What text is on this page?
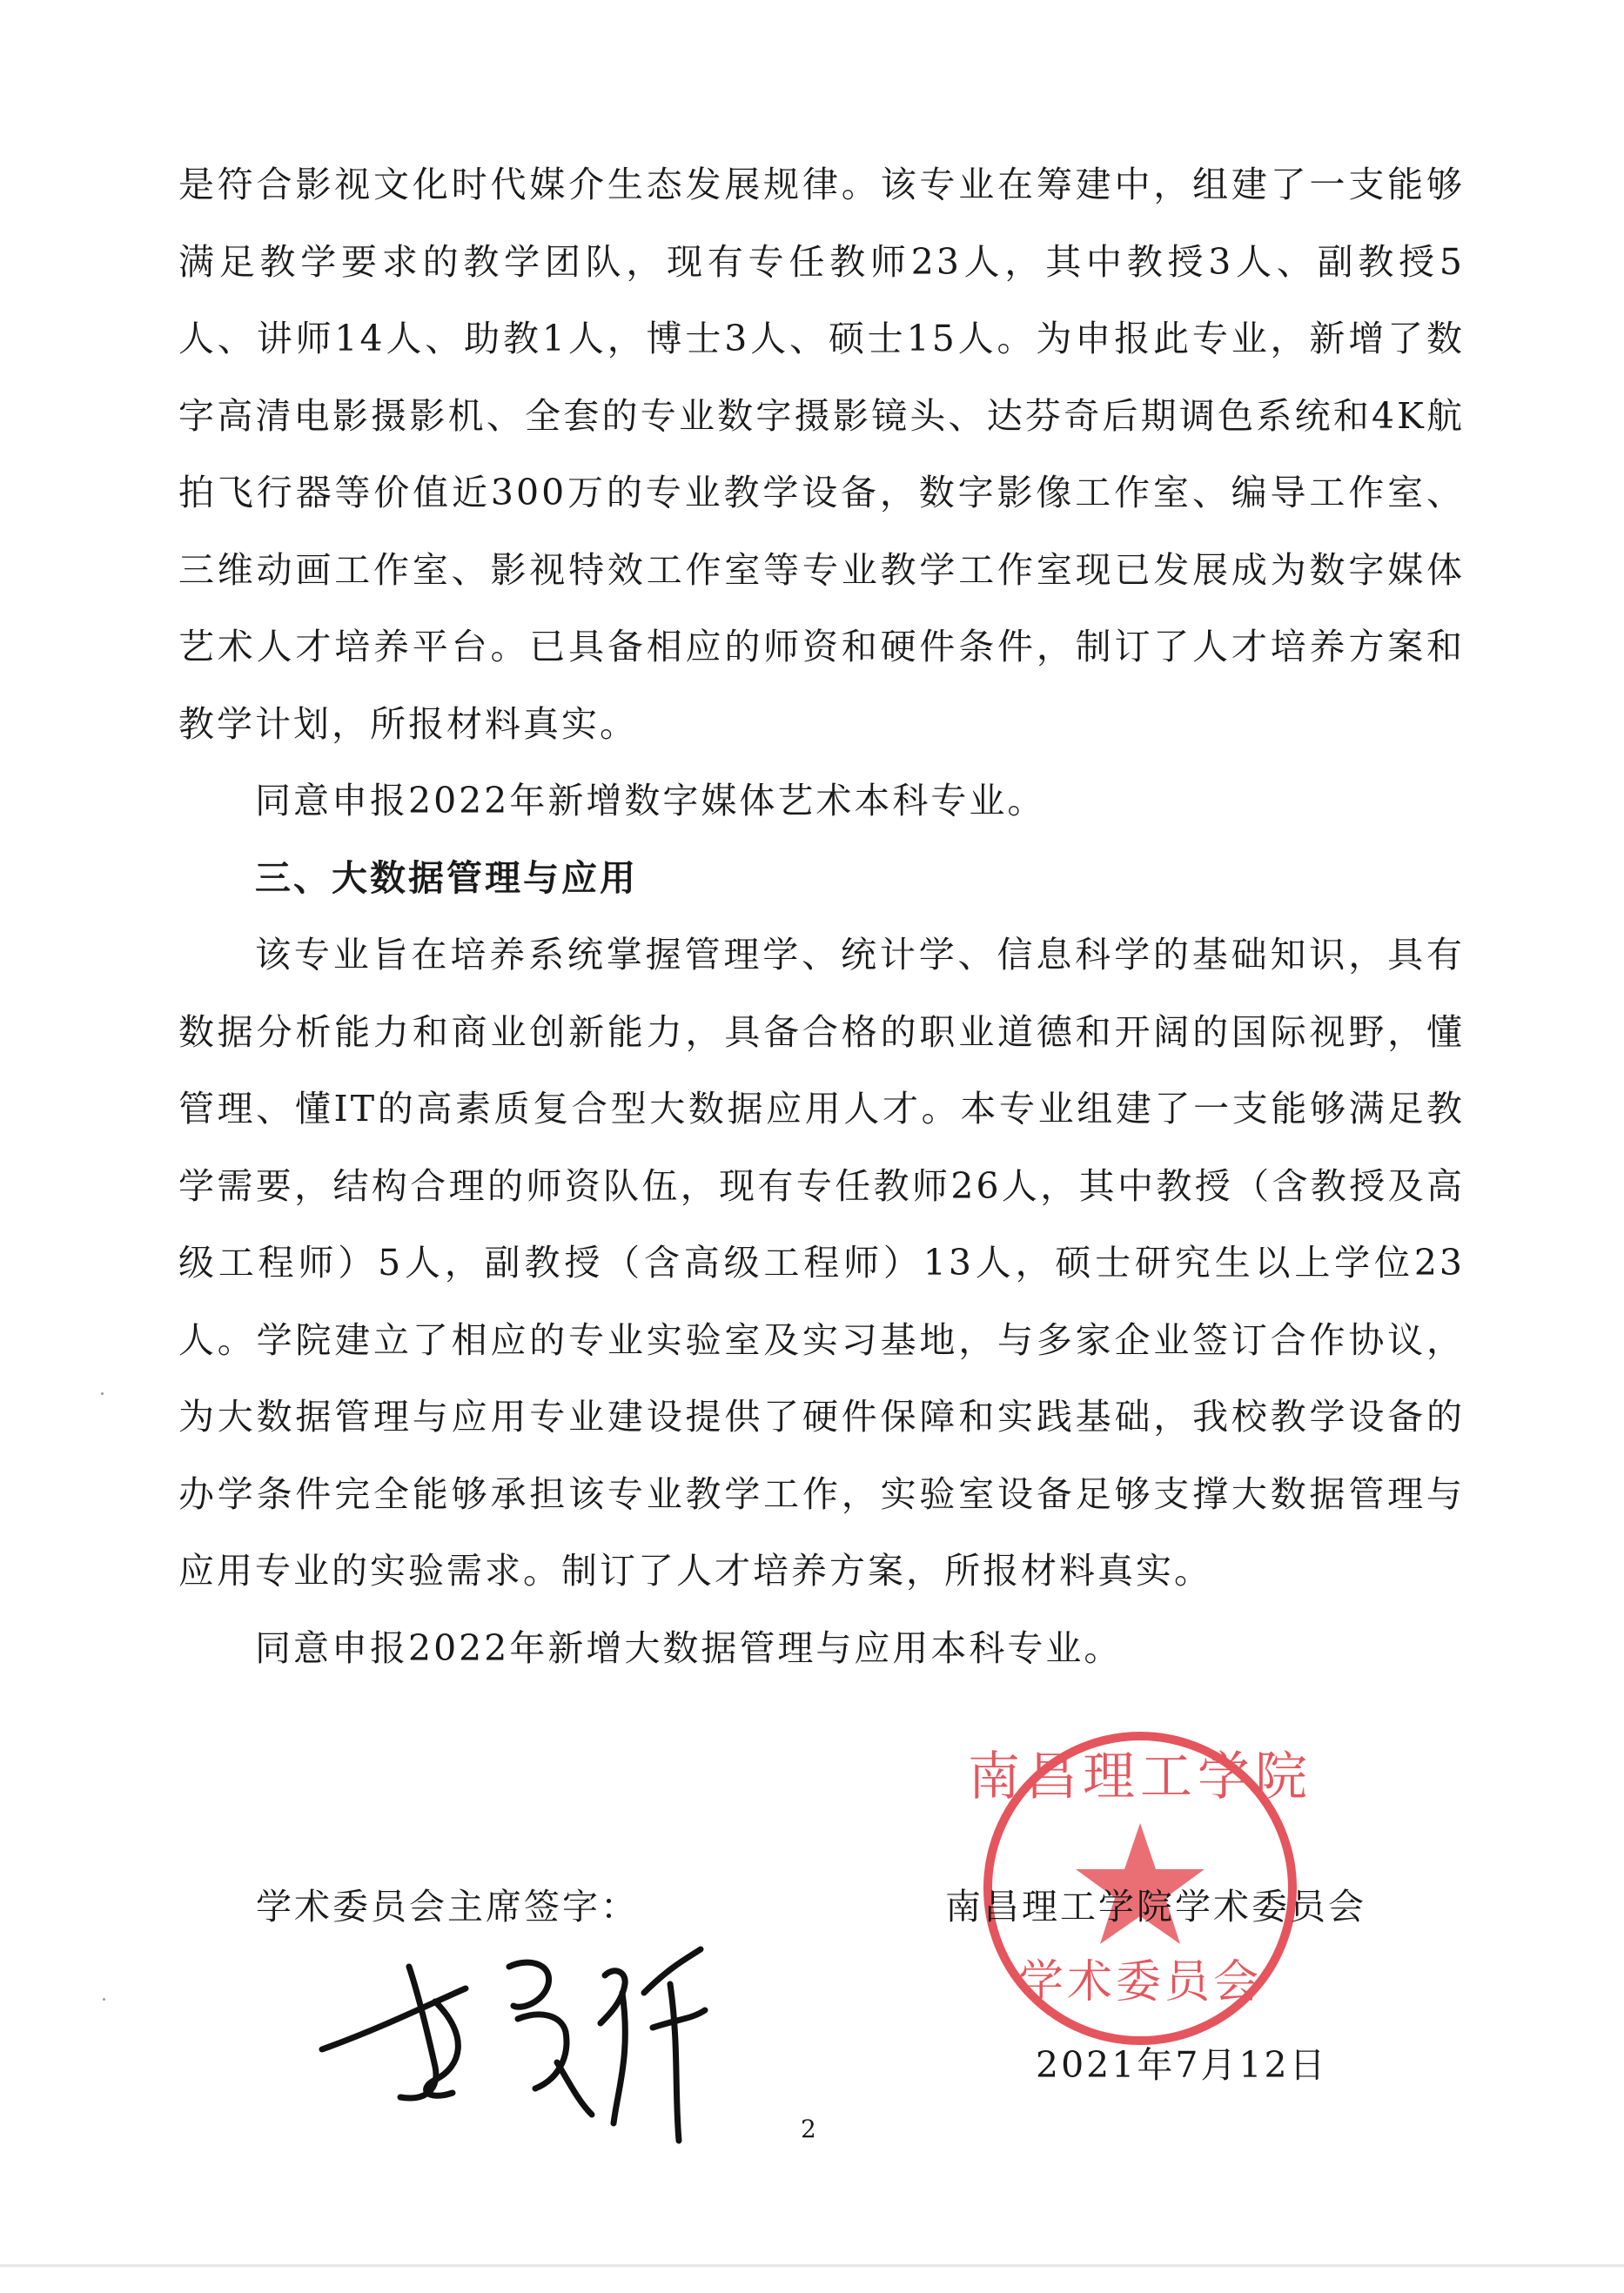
是符合影视文化时代媒介生态发展规律。该专业在筹建中，组建了一支能够满足教学要求的教学团队，现有专任教师23人，其中教授3人、副教授5人、讲师14人、助教1人，博士3人、硕士15人。为申报此专业，新增了数字高清电影摄影机、全套的专业数字摄影镜头、达芬奇后期调色系统和4K航拍飞行器等价值近300万的专业教学设备，数字影像工作室、编导工作室、三维动画工作室、影视特效工作室等专业教学工作室现已发展成为数字媒体艺术人才培养平台。已具备相应的师资和硬件条件，制订了人才培养方案和教学计划，所报材料真实。

同意申报2022年新增数字媒体艺术本科专业。

三、大数据管理与应用

该专业旨在培养系统掌握管理学、统计学、信息科学的基础知识，具有数据分析能力和商业创新能力，具备合格的职业道德和开阔的国际视野，懂管理、懂IT的高素质复合型大数据应用人才。本专业组建了一支能够满足教学需要，结构合理的师资队伍，现有专任教师26人，其中教授（含教授及高级工程师）5人，副教授（含高级工程师）13人，硕士研究生以上学位23人。学院建立了相应的专业实验室及实习基地，与多家企业签订合作协议，为大数据管理与应用专业建设提供了硬件保障和实践基础，我校教学设备的办学条件完全能够承担该专业教学工作，实验室设备足够支撑大数据管理与应用专业的实验需求。制订了人才培养方案，所报材料真实。

同意申报2022年新增大数据管理与应用本科专业。

学术委员会主席签字：
南昌理工学院
学术委员会
南昌理工学院学术委员会
2021年7月12日
2
